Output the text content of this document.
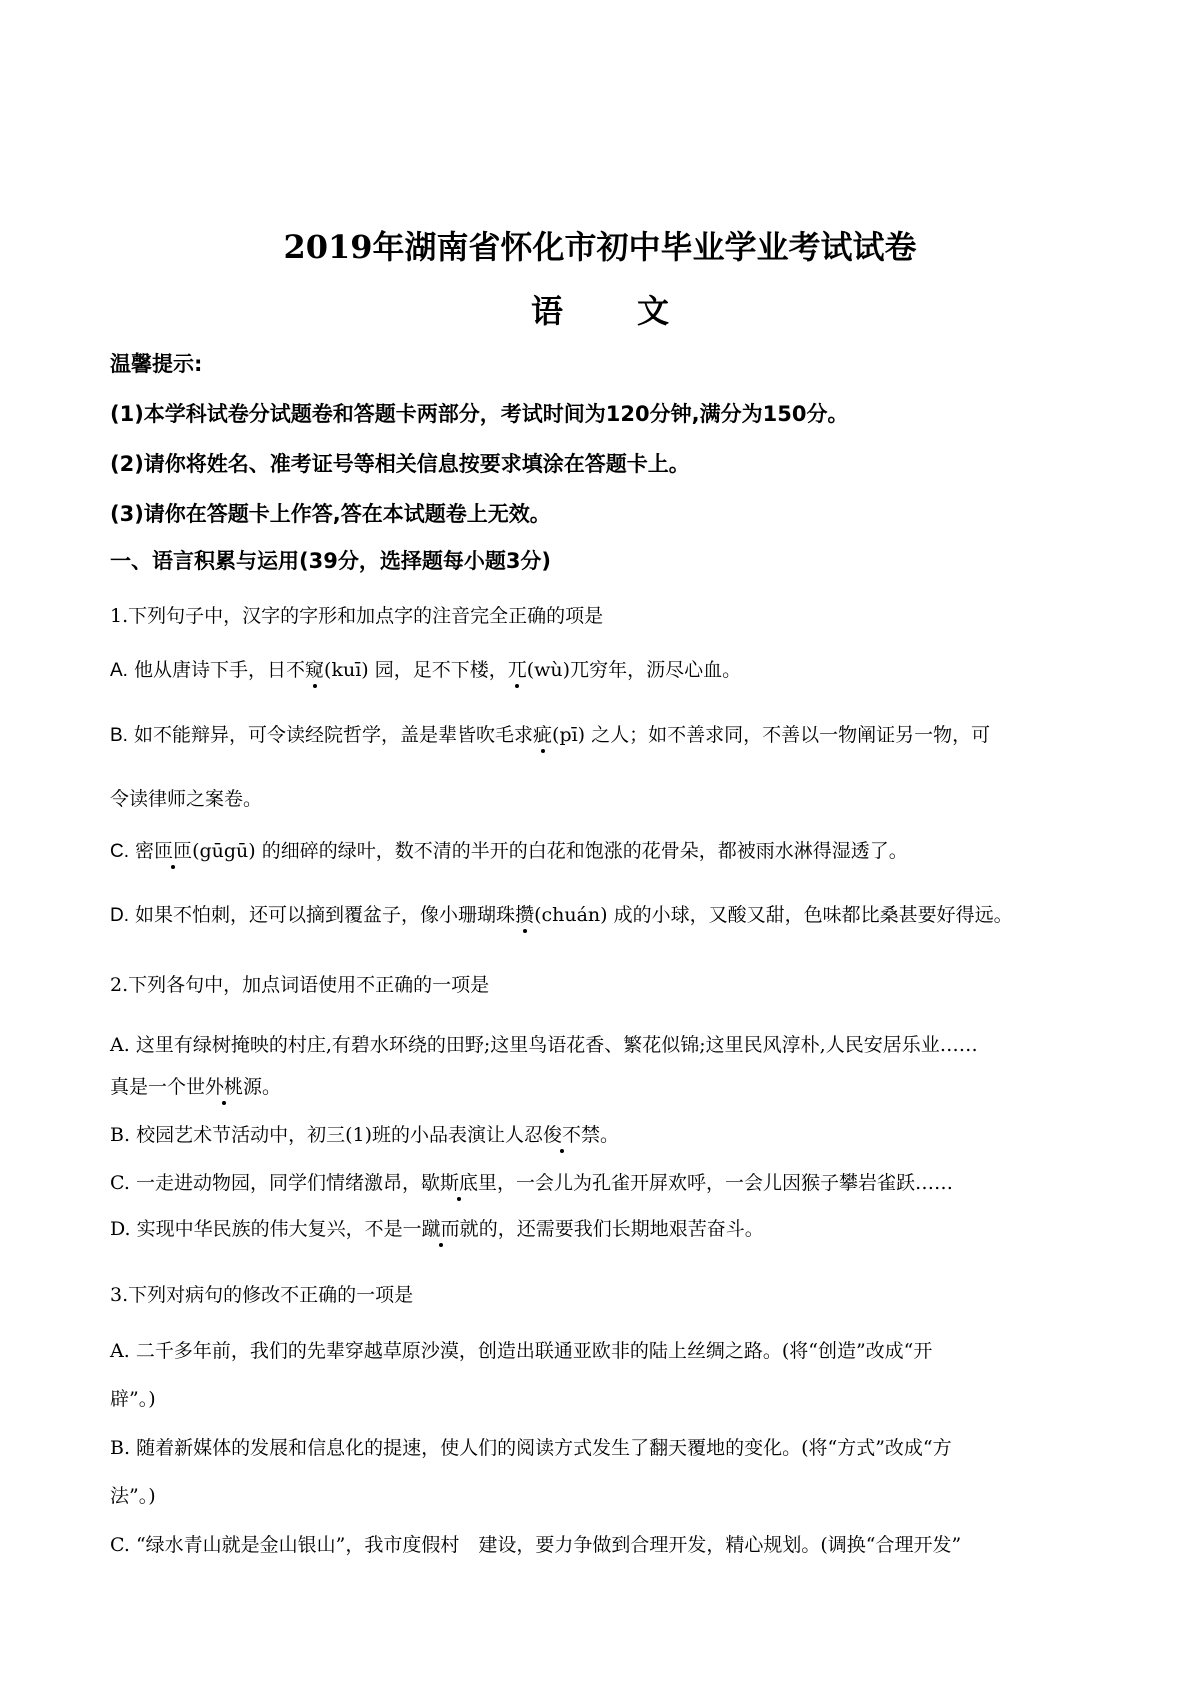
2019年湖南省怀化市初中毕业学业考试试卷
语 文
温馨提示:
(1)本学科试卷分试题卷和答题卡两部分，考试时间为120分钟,满分为150分。
(2)请你将姓名、准考证号等相关信息按要求填涂在答题卡上。
(3)请你在答题卡上作答,答在本试题卷上无效。
一、语言积累与运用(39分，选择题每小题3分)
1.下列句子中，汉字的字形和加点字的注音完全正确的项是
A. 他从唐诗下手，日不窥(kuī) 园，足不下楼，兀(wù)兀穷年，沥尽心血。
B. 如不能辩异，可令读经院哲学，盖是辈皆吹毛求疵(pī) 之人；如不善求同，不善以一物阐证另一物，可
令读律师之案卷。
C. 密匝匝(gūgū) 的细碎的绿叶，数不清的半开的白花和饱涨的花骨朵，都被雨水淋得湿透了。
D. 如果不怕刺，还可以摘到覆盆子，像小珊瑚珠攒(chuán) 成的小球，又酸又甜，色味都比桑甚要好得远。
2.下列各句中，加点词语使用不正确的一项是
A. 这里有绿树掩映的村庄,有碧水环绕的田野;这里鸟语花香、繁花似锦;这里民风淳朴,人民安居乐业……
真是一个世外桃源。
B. 校园艺术节活动中，初三(1)班的小品表演让人忍俊不禁。
C. 一走进动物园，同学们情绪激昂，歇斯底里，一会儿为孔雀开屏欢呼，一会儿因猴子攀岩雀跃……
D. 实现中华民族的伟大复兴，不是一蹴而就的，还需要我们长期地艰苦奋斗。
3.下列对病句的修改不正确的一项是
A. 二千多年前，我们的先辈穿越草原沙漠，创造出联通亚欧非的陆上丝绸之路。(将“创造”改成“开
辟”。)
B. 随着新媒体的发展和信息化的提速，使人们的阅读方式发生了翻天覆地的变化。(将“方式”改成“方
法”。)
C. “绿水青山就是金山银山”，我市度假村　建设，要力争做到合理开发，精心规划。(调换“合理开发”
